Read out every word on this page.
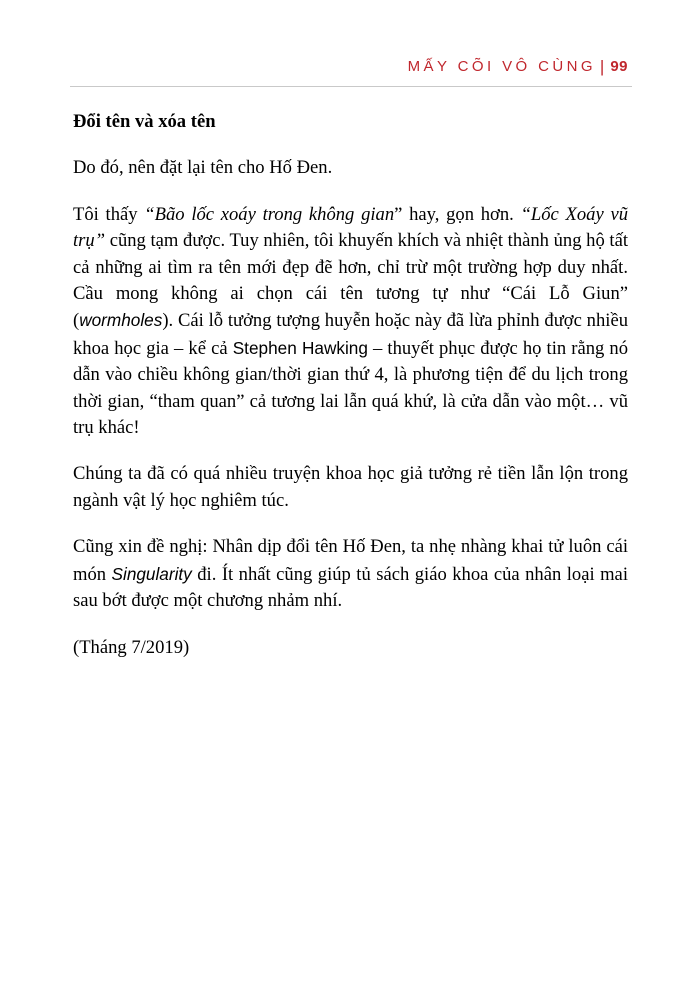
MẤY CÕI VÔ CÙNG | 99
Đổi tên và xóa tên

Do đó, nên đặt lại tên cho Hố Đen.

Tôi thấy “Bão lốc xoáy trong không gian” hay, gọn hơn. “Lốc Xoáy vũ trụ” cũng tạm được. Tuy nhiên, tôi khuyến khích và nhiệt thành ủng hộ tất cả những ai tìm ra tên mới đẹp đẽ hơn, chỉ trừ một trường hợp duy nhất. Cầu mong không ai chọn cái tên tương tự như “Cái Lỗ Giun” (wormholes). Cái lỗ tưởng tượng huyễn hoặc này đã lừa phỉnh được nhiều khoa học gia – kể cả Stephen Hawking – thuyết phục được họ tin rằng nó dẫn vào chiều không gian/thời gian thứ 4, là phương tiện để du lịch trong thời gian, “tham quan” cả tương lai lẫn quá khứ, là cửa dẫn vào một… vũ trụ khác!

Chúng ta đã có quá nhiều truyện khoa học giả tưởng rẻ tiền lẫn lộn trong ngành vật lý học nghiêm túc.

Cũng xin đề nghị: Nhân dịp đổi tên Hố Đen, ta nhẹ nhàng khai tử luôn cái món Singularity đi. Ít nhất cũng giúp tủ sách giáo khoa của nhân loại mai sau bớt được một chương nhảm nhí.

(Tháng 7/2019)
